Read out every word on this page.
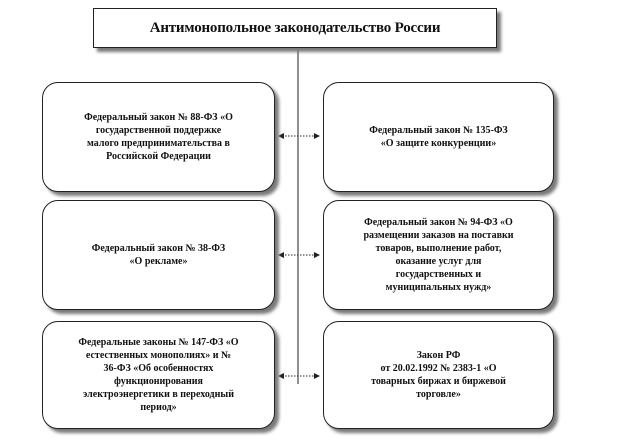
Антимонопольное законодательство России
Федеральный закон № 88-ФЗ «О
государственной поддержке
малого предпринимательства в
Российской Федерации
Федеральный закон № 38-ФЗ
«О рекламе»
Федеральные законы № 147-ФЗ «О
естественных монополиях» и №
36-ФЗ «Об особенностях
функционирования
электроэнергетики в переходный
период»
Федеральный закон № 135-ФЗ
«О защите конкуренции»
Федеральный закон № 94-ФЗ «О
размещении заказов на поставки
товаров, выполнение работ,
оказание услуг для
государственных и
муниципальных нужд»
Закон РФ
от 20.02.1992 № 2383-1 «О
товарных биржах и биржевой
торговле»
